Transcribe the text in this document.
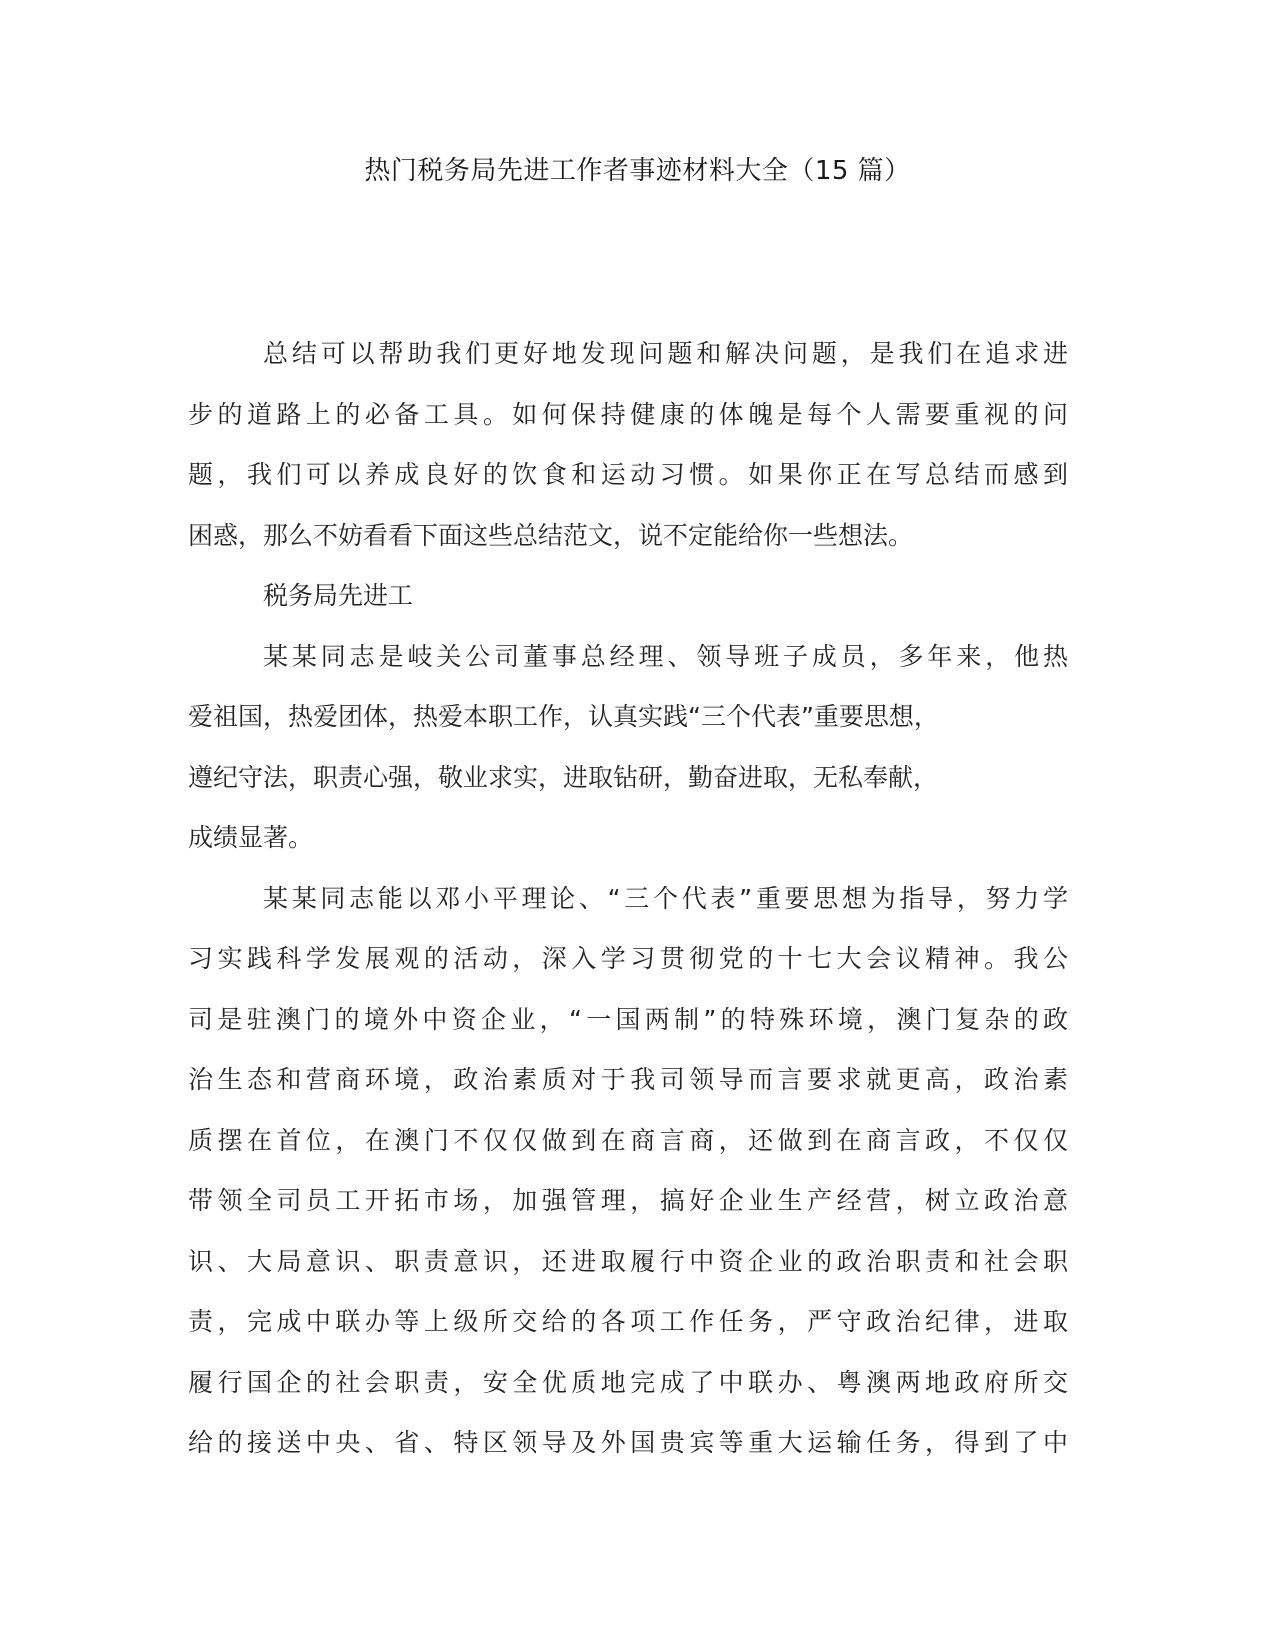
热门税务局先进工作者事迹材料大全（15 篇）
总结可以帮助我们更好地发现问题和解决问题，是我们在追求进
步的道路上的必备工具。如何保持健康的体魄是每个人需要重视的问
题，我们可以养成良好的饮食和运动习惯。如果你正在写总结而感到
困惑，那么不妨看看下面这些总结范文，说不定能给你一些想法。
税务局先进工
某某同志是岐关公司董事总经理、领导班子成员，多年来，他热
爱祖国，热爱团体，热爱本职工作，认真实践“三个代表”重要思想，
遵纪守法，职责心强，敬业求实，进取钻研，勤奋进取，无私奉献，
成绩显著。
某某同志能以邓小平理论、“三个代表”重要思想为指导，努力学
习实践科学发展观的活动，深入学习贯彻党的十七大会议精神。我公
司是驻澳门的境外中资企业，“一国两制”的特殊环境，澳门复杂的政
治生态和营商环境，政治素质对于我司领导而言要求就更高，政治素
质摆在首位，在澳门不仅仅做到在商言商，还做到在商言政，不仅仅
带领全司员工开拓市场，加强管理，搞好企业生产经营，树立政治意
识、大局意识、职责意识，还进取履行中资企业的政治职责和社会职
责，完成中联办等上级所交给的各项工作任务，严守政治纪律，进取
履行国企的社会职责，安全优质地完成了中联办、粤澳两地政府所交
给的接送中央、省、特区领导及外国贵宾等重大运输任务，得到了中
